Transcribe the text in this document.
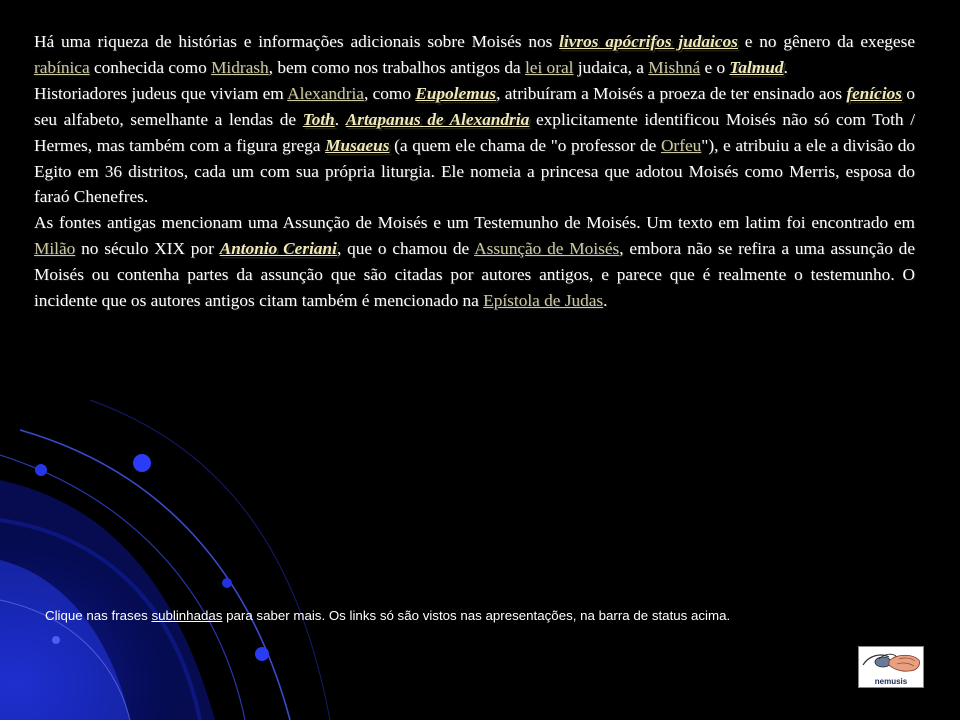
Há uma riqueza de histórias e informações adicionais sobre Moisés nos livros apócrifos judaicos e no gênero da exegese rabínica conhecida como Midrash, bem como nos trabalhos antigos da lei oral judaica, a Mishná e o Talmud.

Historiadores judeus que viviam em Alexandria, como Eupolemus, atribuíram a Moisés a proeza de ter ensinado aos fenícios o seu alfabeto, semelhante a lendas de Toth. Artapanus de Alexandria explicitamente identificou Moisés não só com Toth / Hermes, mas também com a figura grega Musaeus (a quem ele chama de "o professor de Orfeu"), e atribuiu a ele a divisão do Egito em 36 distritos, cada um com sua própria liturgia. Ele nomeia a princesa que adotou Moisés como Merris, esposa do faraó Chenefres.

As fontes antigas mencionam uma Assunção de Moisés e um Testemunho de Moisés. Um texto em latim foi encontrado em Milão no século XIX por Antonio Ceriani, que o chamou de Assunção de Moisés, embora não se refira a uma assunção de Moisés ou contenha partes da assunção que são citadas por autores antigos, e parece que é realmente o testemunho. O incidente que os autores antigos citam também é mencionado na Epístola de Judas.

Clique nas frases sublinhadas para saber mais. Os links só são vistos nas apresentações, na barra de status acima.
nemusis
